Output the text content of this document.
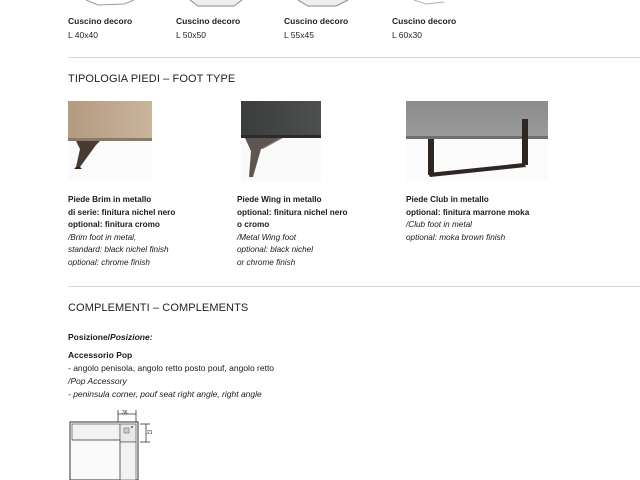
Cuscino decoro
L 40x40
Cuscino decoro
L 50x50
Cuscino decoro
L 55x45
Cuscino decoro
L 60x30
TIPOLOGIA PIEDI – FOOT TYPE
Piede Brim in metallo
di serie: finitura nichel nero
optional: finitura cromo
/Brim foot in metal,
standard: black nichel finish
optional: chrome finish
Piede Wing in metallo
optional: finitura nichel nero
o cromo
/Metal Wing foot
optional: black nichel
or chrome finish
Piede Club in metallo
optional: finitura marrone moka
/Club foot in metal
optional: moka brown finish
COMPLEMENTI – COMPLEMENTS
Posizione/Posizione:
Accessorio Pop
- angolo penisola, angolo retto posto pouf, angolo retto
/Pop Accessory
- peninsula corner, pouf seat right angle, right angle
36
21
